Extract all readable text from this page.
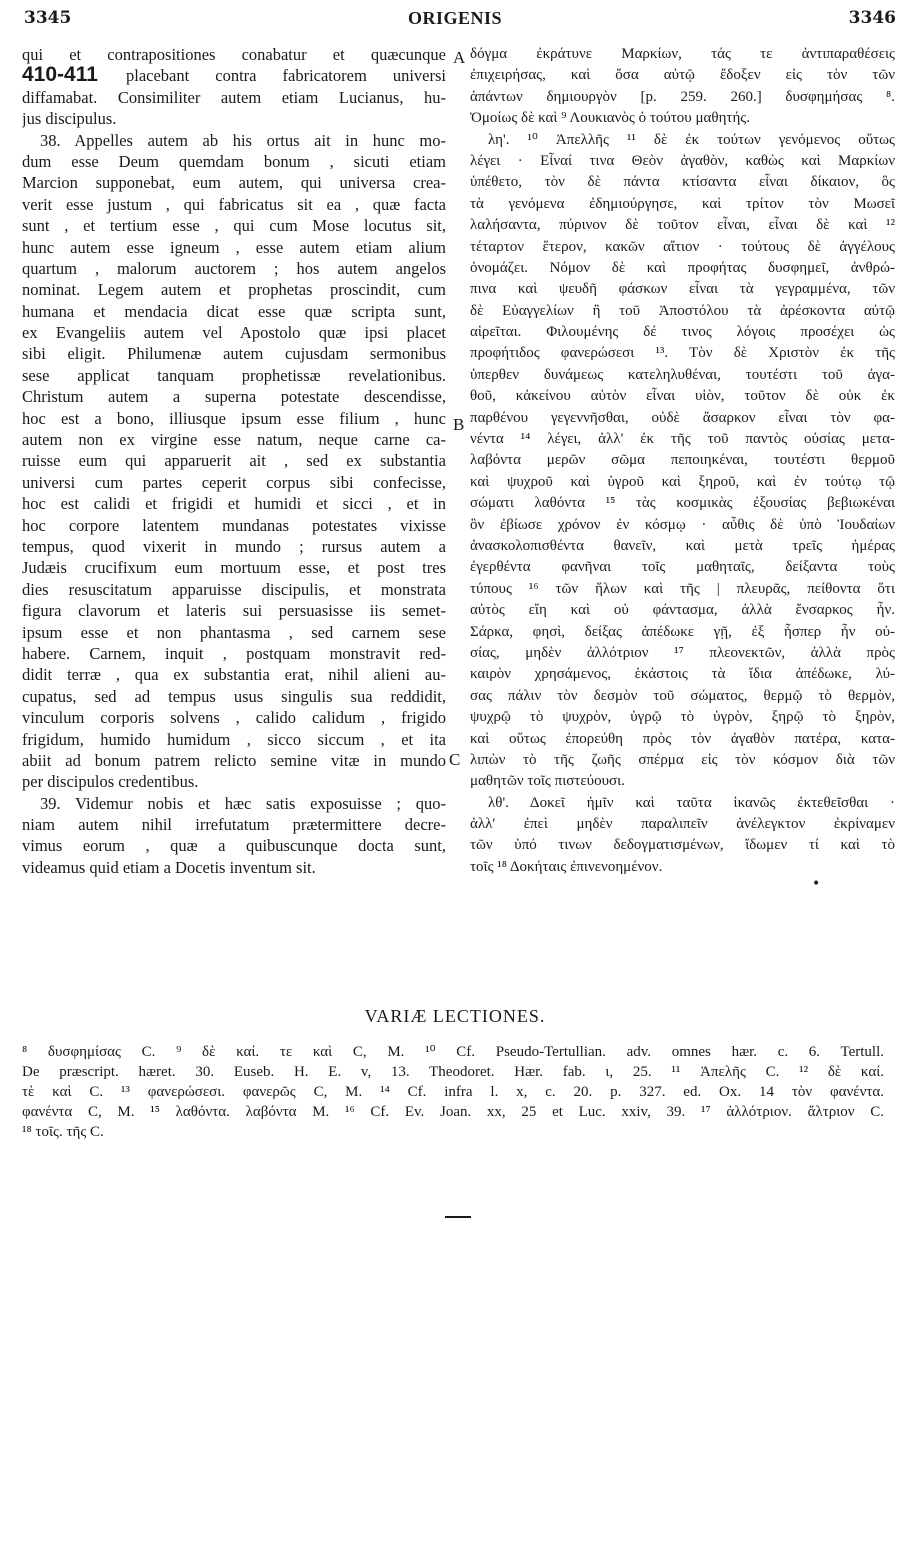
ORIGENIS
3345	3346
410-411
A
B
C
qui et contrapositiones conabatur et quæcunque
placebant contra fabricatorem universi
diffamabat. Consimiliter autem etiam Lucianus, hu-
jus discipulus.
38. Appelles autem ab his ortus ait in hunc mo-
dum esse Deum quemdam bonum , sicuti etiam
Marcion supponebat, eum autem, qui universa crea-
verit esse justum , qui fabricatus sit ea , quæ facta
sunt , et tertium esse , qui cum Mose locutus sit,
hunc autem esse igneum , esse autem etiam alium
quartum , malorum auctorem ; hos autem angelos
nominat. Legem autem et prophetas proscindit, cum
humana et mendacia dicat esse quæ scripta sunt,
ex Evangeliis autem vel Apostolo quæ ipsi placet
sibi eligit. Philumenæ autem cujusdam sermonibus
sese applicat tanquam prophetissæ revelationibus.
Christum autem a superna potestate descendisse,
hoc est a bono, illiusque ipsum esse filium , hunc
autem non ex virgine esse natum, neque carne ca-
ruisse eum qui apparuerit ait , sed ex substantia
universi cum partes ceperit corpus sibi confecisse,
hoc est calidi et frigidi et humidi et sicci , et in
hoc corpore latentem mundanas potestates vixisse
tempus, quod vixerit in mundo ; rursus autem a
Judæis crucifixum eum mortuum esse, et post tres
dies resuscitatum apparuisse discipulis, et monstrata
figura clavorum et lateris sui persuasisse iis semet-
ipsum esse et non phantasma , sed carnem sese
habere. Carnem, inquit , postquam monstravit red-
didit terræ , qua ex substantia erat, nihil alieni au-
cupatus, sed ad tempus usus singulis sua reddidit,
vinculum corporis solvens , calido calidum , frigido
frigidum, humido humidum , sicco siccum , et ita
abiit ad bonum patrem relicto semine vitæ in mundo
per discipulos credentibus.
39. Videmur nobis et hæc satis exposuisse ; quo-
niam autem nihil irrefutatum prætermittere decre-
vimus eorum , quæ a quibuscunque docta sunt,
videamus quid etiam a Docetis inventum sit.
δόγμα ἐκράτυνε Μαρκίων, τάς τε ἀντιπαραθέσεις
ἐπιχειρήσας, καὶ ὅσα αὐτῷ ἔδοξεν εἰς τὸν τῶν
ἁπάντων δημιουργὸν [p. 259. 260.] δυσφημήσας ⁸.
Ὁμοίως δὲ καὶ ⁹ Λουκιανὸς ὁ τούτου μαθητής.
λη'. ¹⁰ Ἀπελλῆς ¹¹ δὲ ἐκ τούτων γενόμενος οὕτως
λέγει · Εἶναί τινα Θεὸν ἀγαθὸν, καθὼς καὶ Μαρκίων
ὑπέθετο, τὸν δὲ πάντα κτίσαντα εἶναι δίκαιον, ὃς
τὰ γενόμενα ἐδημιούργησε, καὶ τρίτον τὸν Μωσεῖ
λαλήσαντα, πύρινον δὲ τοῦτον εἶναι, εἶναι δὲ καὶ ¹²
τέταρτον ἕτερον, κακῶν αἴτιον · τούτους δὲ ἀγγέλους
ὀνομάζει. Νόμον δὲ καὶ προφήτας δυσφημεῖ, ἀνθρώ-
πινα καὶ ψευδῆ φάσκων εἶναι τὰ γεγραμμένα, τῶν
δὲ Εὐαγγελίων ἢ τοῦ Ἀποστόλου τὰ ἀρέσκοντα αὐτῷ
αἱρεῖται. Φιλουμένης δέ τινος λόγοις προσέχει ὡς
προφήτιδος φανερώσεσι ¹³. Τὸν δὲ Χριστὸν ἐκ τῆς
ὑπερθεν δυνάμεως κατεληλυθέναι, τουτέστι τοῦ ἀγα-
θοῦ, κἀκείνου αὐτὸν εἶναι υἱὸν, τοῦτον δὲ οὐκ ἐκ
παρθένου γεγεννῆσθαι, οὐδὲ ἄσαρκον εἶναι τὸν φα-
νέντα ¹⁴ λέγει, ἀλλ' ἐκ τῆς τοῦ παντὸς οὐσίας μετα-
λαβόντα μερῶν σῶμα πεποιηκέναι, τουτέστι θερμοῦ
καὶ ψυχροῦ καὶ ὑγροῦ καὶ ξηροῦ, καὶ ἐν τούτῳ τῷ
σώματι λαθόντα ¹⁵ τὰς κοσμικὰς ἐξουσίας βεβιωκέναι
ὃν ἐβίωσε χρόνον ἐν κόσμῳ · αὖθις δὲ ὑπὸ Ἰουδαίων
ἀνασκολοπισθέντα θανεῖν, καὶ μετὰ τρεῖς ἡμέρας
ἐγερθέντα φανῆναι τοῖς μαθηταῖς, δείξαντα τοὺς
τύπους ¹⁶ τῶν ἥλων καὶ τῆς | πλευρᾶς, πείθοντα ὅτι
αὐτὸς εἴη καὶ οὐ φάντασμα, ἀλλὰ ἔνσαρκος ἦν.
Σάρκα, φησὶ, δείξας ἀπέδωκε γῇ, ἐξ ἧσπερ ἦν οὐ-
σίας, μηδὲν ἀλλότριον ¹⁷ πλεονεκτῶν, ἀλλὰ πρὸς
καιρὸν χρησάμενος, ἑκάστοις τὰ ἴδια ἀπέδωκε, λύ-
σας πάλιν τὸν δεσμὸν τοῦ σώματος, θερμῷ τὸ θερμὸν,
ψυχρῷ τὸ ψυχρὸν, ὑγρῷ τὸ ὑγρὸν, ξηρῷ τὸ ξηρὸν,
καὶ οὕτως ἐπορεύθη πρὸς τὸν ἀγαθὸν πατέρα, κατα-
λιπὼν τὸ τῆς ζωῆς σπέρμα εἰς τὸν κόσμον διὰ τῶν
μαθητῶν τοῖς πιστεύουσι.
λθ'. Δοκεῖ ἡμῖν καὶ ταῦτα ἱκανῶς ἐκτεθεῖσθαι ·
ἀλλ' ἐπεὶ μηδὲν παραλιπεῖν ἀνέλεγκτον ἐκρίναμεν
τῶν ὑπό τινων δεδογματισμένων, ἴδωμεν τί καὶ τὸ
τοῖς ¹⁸ Δοκήταις ἐπινενοημένον.
•
VARIÆ LECTIONES.
⁸ δυσφημίσας C. ⁹ δὲ καί. τε καὶ C, M. ¹⁰ Cf. Pseudo-Tertullian. adv. omnes hær. c. 6. Tertull.
De præscript. hæret. 30. Euseb. H. E. v, 13. Theodoret. Hær. fab. ι, 25. ¹¹ Ἀπελῆς C. ¹² δὲ καί.
τὲ καὶ C. ¹³ φανερώσεσι. φανερῶς C, M. ¹⁴ Cf. infra l. x, c. 20. p. 327. ed. Ox. 14 τὸν φανέντα.
φανέντα C, M. ¹⁵ λαθόντα. λαβόντα M. ¹⁶ Cf. Ev. Joan. xx, 25 et Luc. xxiv, 39. ¹⁷ ἀλλότριον. ἄλτριον C.
¹⁸ τοῖς. τῆς C.
